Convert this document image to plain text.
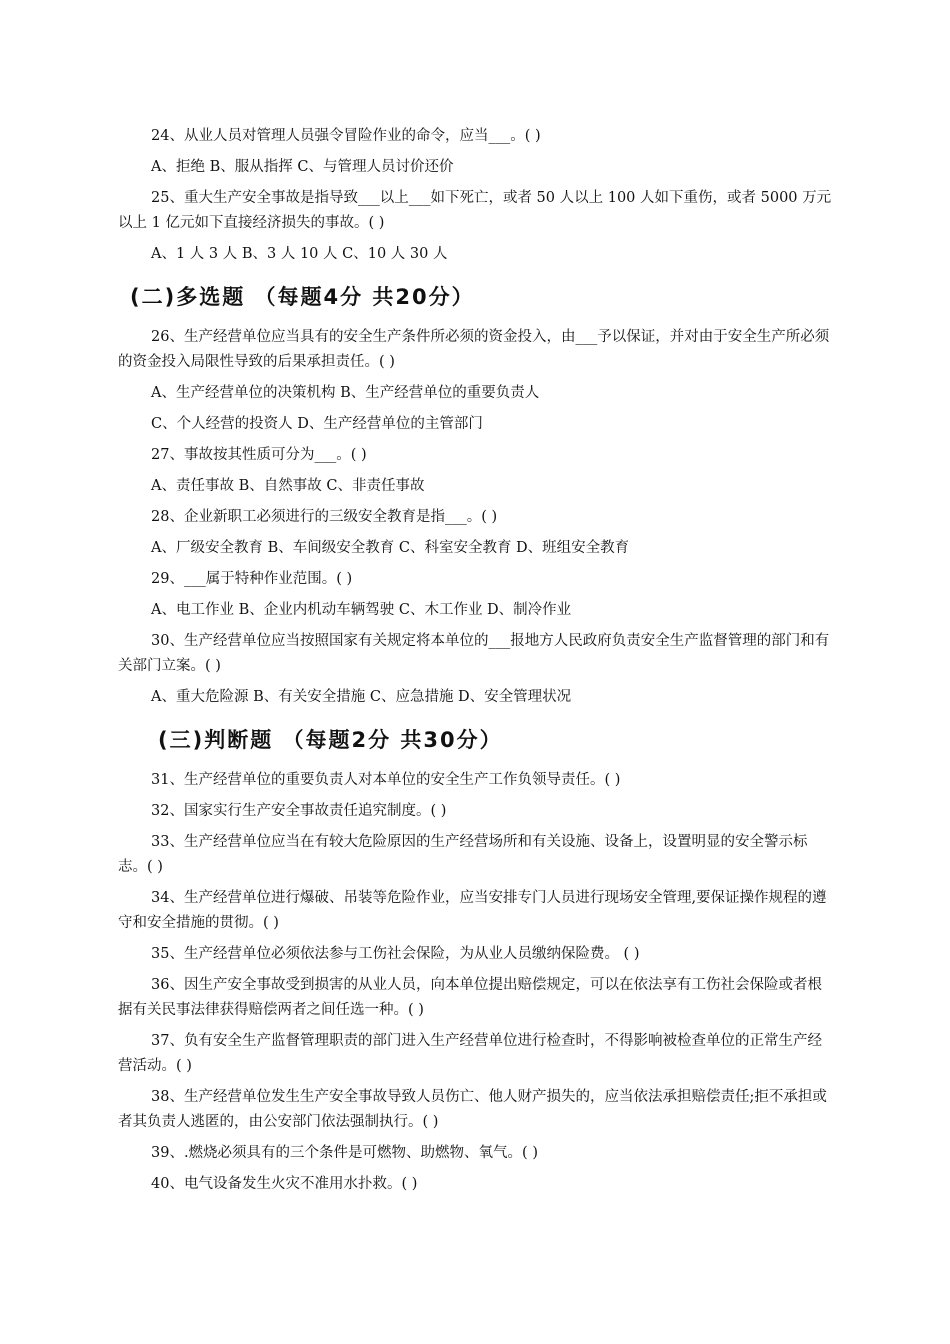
24、从业人员对管理人员强令冒险作业的命令，应当___。( )

A、拒绝 B、服从指挥 C、与管理人员讨价还价

25、重大生产安全事故是指导致___以上___如下死亡，或者 50 人以上 100 人如下重伤，或者 5000 万元以上 1 亿元如下直接经济损失的事故。( )

A、1 人 3 人 B、3 人 10 人 C、10 人 30 人

(二)多选题 （每题4分 共20分）

26、生产经营单位应当具有的安全生产条件所必须的资金投入，由___予以保证，并对由于安全生产所必须的资金投入局限性导致的后果承担责任。( )

A、生产经营单位的决策机构 B、生产经营单位的重要负责人

C、个人经营的投资人 D、生产经营单位的主管部门

27、事故按其性质可分为___。( )

A、责任事故 B、自然事故 C、非责任事故

28、企业新职工必须进行的三级安全教育是指___。( )

A、厂级安全教育 B、车间级安全教育 C、科室安全教育 D、班组安全教育

29、___属于特种作业范围。( )

A、电工作业 B、企业内机动车辆驾驶 C、木工作业 D、制冷作业

30、生产经营单位应当按照国家有关规定将本单位的___报地方人民政府负责安全生产监督管理的部门和有关部门立案。( )

A、重大危险源 B、有关安全措施 C、应急措施 D、安全管理状况

(三)判断题 （每题2分 共30分）

31、生产经营单位的重要负责人对本单位的安全生产工作负领导责任。( )

32、国家实行生产安全事故责任追究制度。( )

33、生产经营单位应当在有较大危险原因的生产经营场所和有关设施、设备上，设置明显的安全警示标志。( )

34、生产经营单位进行爆破、吊装等危险作业，应当安排专门人员进行现场安全管理,要保证操作规程的遵守和安全措施的贯彻。( )

35、生产经营单位必须依法参与工伤社会保险，为从业人员缴纳保险费。 ( )

36、因生产安全事故受到损害的从业人员，向本单位提出赔偿规定，可以在依法享有工伤社会保险或者根据有关民事法律获得赔偿两者之间任选一种。( )

37、负有安全生产监督管理职责的部门进入生产经营单位进行检查时，不得影响被检查单位的正常生产经营活动。( )

38、生产经营单位发生生产安全事故导致人员伤亡、他人财产损失的，应当依法承担赔偿责任;拒不承担或者其负责人逃匿的，由公安部门依法强制执行。( )

39、.燃烧必须具有的三个条件是可燃物、助燃物、氧气。( )

40、电气设备发生火灾不准用水扑救。( )
